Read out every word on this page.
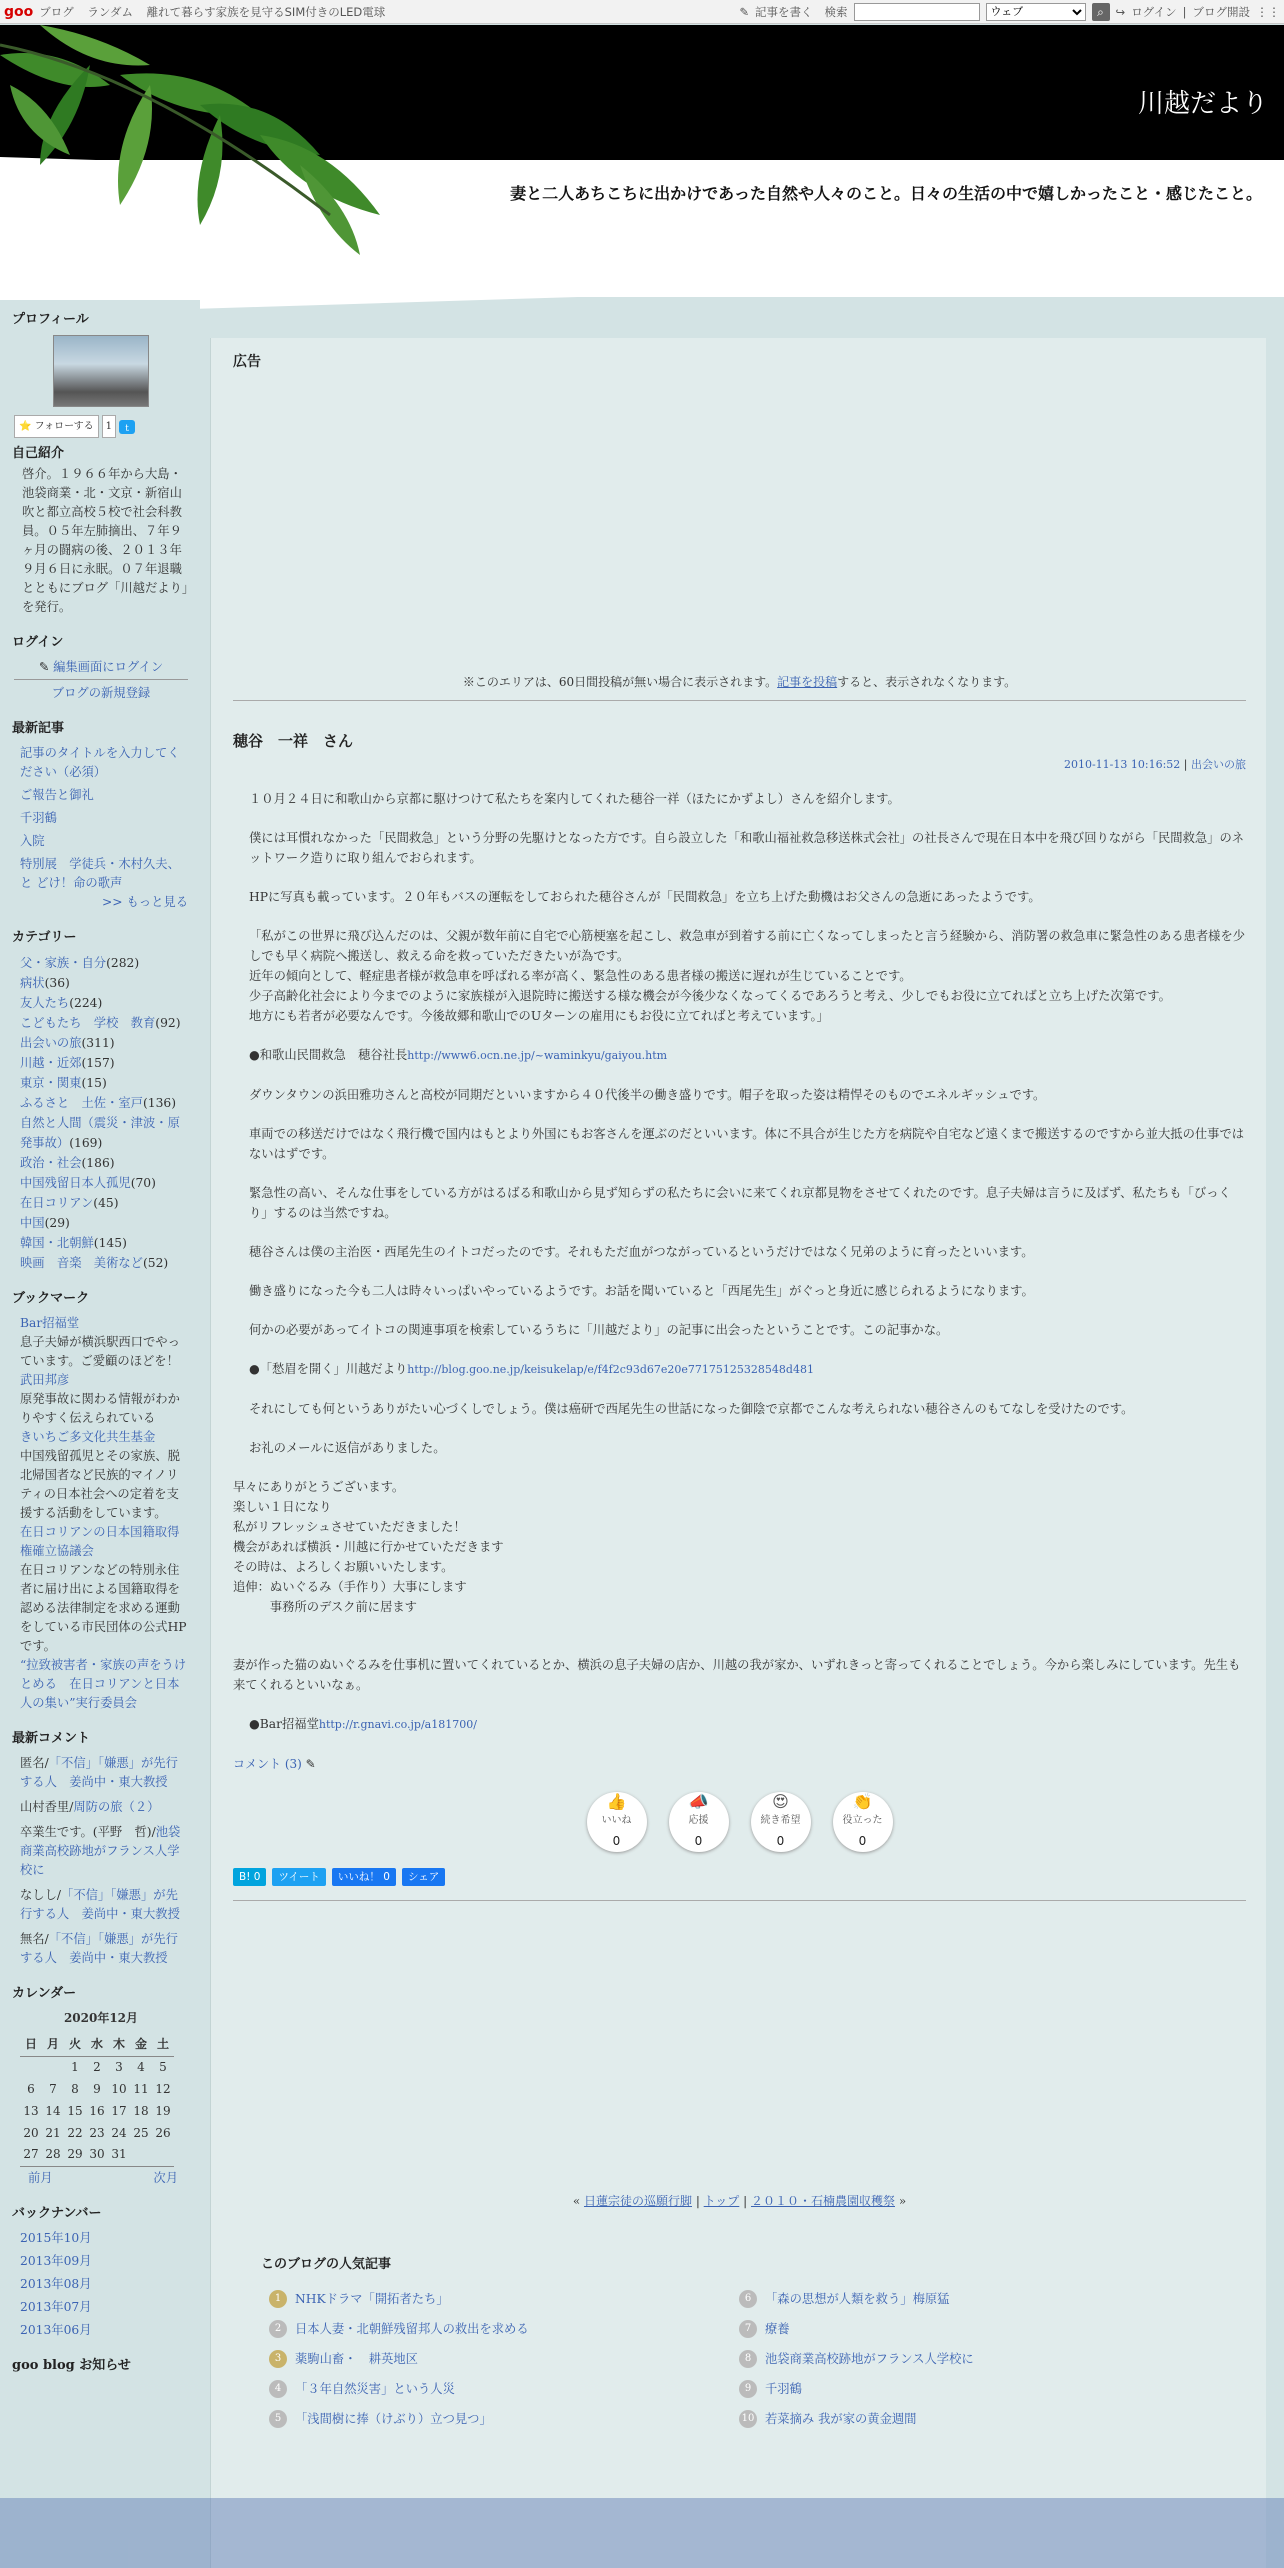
goo ブログ ランダム 離れて暮らす家族を見守るSIM付きのLED電球	✎ 記事を書く 検索
ウェブ	⌕	↪ ログイン | ブログ開設 ⋮⋮
川越だより
妻と二人あちこちに出かけであった自然や人々のこと。日々の生活の中で嬉しかったこと・感じたこと。
プロフィール
⭐ フォローする	1	t
自己紹介
啓介。１９６６年から大島・池袋商業・北・文京・新宿山吹と都立高校５校で社会科教員。０５年左肺摘出、７年９ヶ月の闘病の後、２０１３年９月６日に永眠。０７年退職とともにブログ「川越だより」を発行。
ログイン
✎ 編集画面にログイン
ブログの新規登録
最新記事
記事のタイトルを入力してください（必須）
ご報告と御礼
千羽鶴
入院
特別展　学徒兵・木村久夫、と どけ！命の歌声
>> もっと見る
カテゴリー
父・家族・自分(282)
病状(36)
友人たち(224)
こどもたち　学校　教育(92)
出会いの旅(311)
川越・近郊(157)
東京・関東(15)
ふるさと　土佐・室戸(136)
自然と人間（震災・津波・原発事故）(169)
政治・社会(186)
中国残留日本人孤児(70)
在日コリアン(45)
中国(29)
韓国・北朝鮮(145)
映画　音楽　美術など(52)
ブックマーク
Bar招福堂
息子夫婦が横浜駅西口でやっています。ご愛顧のほどを！
武田邦彦
原発事故に関わる情報がわかりやすく伝えられている
きいちご多文化共生基金
中国残留孤児とその家族、脱北帰国者など民族的マイノリティの日本社会への定着を支援する活動をしています。
在日コリアンの日本国籍取得権確立協議会
在日コリアンなどの特別永住者に届け出による国籍取得を認める法律制定を求める運動をしている市民団体の公式HPです。
“拉致被害者・家族の声をうけとめる　在日コリアンと日本人の集い”実行委員会
最新コメント
匿名/「不信」「嫌悪」が先行する人　姜尚中・東大教授
山村香里/周防の旅（２）
卒業生です。(平野　哲)/池袋商業高校跡地がフランス人学校に
なしし/「不信」「嫌悪」が先行する人　姜尚中・東大教授
無名/「不信」「嫌悪」が先行する人　姜尚中・東大教授
カレンダー
2020年12月
日	月	火	水	木	金	土
		1	2	3	4	5
6	7	8	9	10	11	12
13	14	15	16	17	18	19
20	21	22	23	24	25	26
27	28	29	30	31		
前月	次月
バックナンバー
2015年10月
2013年09月
2013年08月
2013年07月
2013年06月
goo blog お知らせ
広告
※このエリアは、60日間投稿が無い場合に表示されます。記事を投稿すると、表示されなくなります。
穂谷　一祥　さん
2010-11-13 10:16:52 | 出会いの旅

１０月２４日に和歌山から京都に駆けつけて私たちを案内してくれた穂谷一祥（ほたにかずよし）さんを紹介します。

僕には耳慣れなかった「民間救急」という分野の先駆けとなった方です。自ら設立した「和歌山福祉救急移送株式会社」の社長さんで現在日本中を飛び回りながら「民間救急」のネットワーク造りに取り組んでおられます。

HPに写真も載っています。２０年もバスの運転をしておられた穂谷さんが「民間救急」を立ち上げた動機はお父さんの急逝にあったようです。

「私がこの世界に飛び込んだのは、父親が数年前に自宅で心筋梗塞を起こし、救急車が到着する前に亡くなってしまったと言う経験から、消防署の救急車に緊急性のある患者様を少しでも早く病院へ搬送し、救える命を救っていただきたいが為です。
近年の傾向として、軽症患者様が救急車を呼ばれる率が高く、緊急性のある患者様の搬送に遅れが生じていることです。
少子高齢化社会により今までのように家族様が入退院時に搬送する様な機会が今後少なくなってくるであろうと考え、少しでもお役に立てればと立ち上げた次第です。
地方にも若者が必要なんです。今後故郷和歌山でのUターンの雇用にもお役に立てればと考えています。」

●和歌山民間救急　穂谷社長http://www6.ocn.ne.jp/~waminkyu/gaiyou.htm

ダウンタウンの浜田雅功さんと高校が同期だといいますから４０代後半の働き盛りです。帽子を取った姿は精悍そのものでエネルギッシュです。

車両での移送だけではなく飛行機で国内はもとより外国にもお客さんを運ぶのだといいます。体に不具合が生じた方を病院や自宅など遠くまで搬送するのですから並大抵の仕事ではないはずです。

緊急性の高い、そんな仕事をしている方がはるばる和歌山から見ず知らずの私たちに会いに来てくれ京都見物をさせてくれたのです。息子夫婦は言うに及ばず、私たちも「びっくり」するのは当然ですね。

穂谷さんは僕の主治医・西尾先生のイトコだったのです。それもただ血がつながっているというだけではなく兄弟のように育ったといいます。

働き盛りになった今も二人は時々いっぱいやっているようです。お話を聞いていると「西尾先生」がぐっと身近に感じられるようになります。

何かの必要があってイトコの関連事項を検索しているうちに「川越だより」の記事に出会ったということです。この記事かな。

●「愁眉を開く」川越だよりhttp://blog.goo.ne.jp/keisukelap/e/f4f2c93d67e20e771751253285​48d481

それにしても何というありがたい心づくしでしょう。僕は癌研で西尾先生の世話になった御陰で京都でこんな考えられない穂谷さんのもてなしを受けたのです。

お礼のメールに返信がありました。

早々にありがとうございます。
楽しい１日になり
私がリフレッシュさせていただきました！
機会があれば横浜・川越に行かせていただきます
その時は、よろしくお願いいたします。
追伸：ぬいぐるみ（手作り）大事にします
　　　事務所のデスク前に居ます

妻が作った猫のぬいぐるみを仕事机に置いてくれているとか、横浜の息子夫婦の店か、川越の我が家か、いずれきっと寄ってくれることでしょう。今から楽しみにしています。先生も来てくれるといいなぁ。

●Bar招福堂http://r.gnavi.co.jp/a181700/

コメント (3) ✎
👍
いいね
0
📣
応援
0
😍
続き希望
0
👏
役立った
0
B! 0	ツイート	いいね！ 0	シェア
« 日蓮宗徒の巡願行脚 | トップ | ２０１０・石楠農園収穫祭 »
このブログの人気記事
1	NHKドラマ「開拓者たち」	6	「森の思想が人類を救う」梅原猛
2	日本人妻・北朝鮮残留邦人の救出を求める	7	療養
3	薬駒山畜・　耕英地区	8	池袋商業高校跡地がフランス人学校に
4	「３年自然災害」という人災	9	千羽鶴
5	「浅間樹に捧（けぶり）立つ見つ」	10 若菜摘み 我が家の黄金週間
